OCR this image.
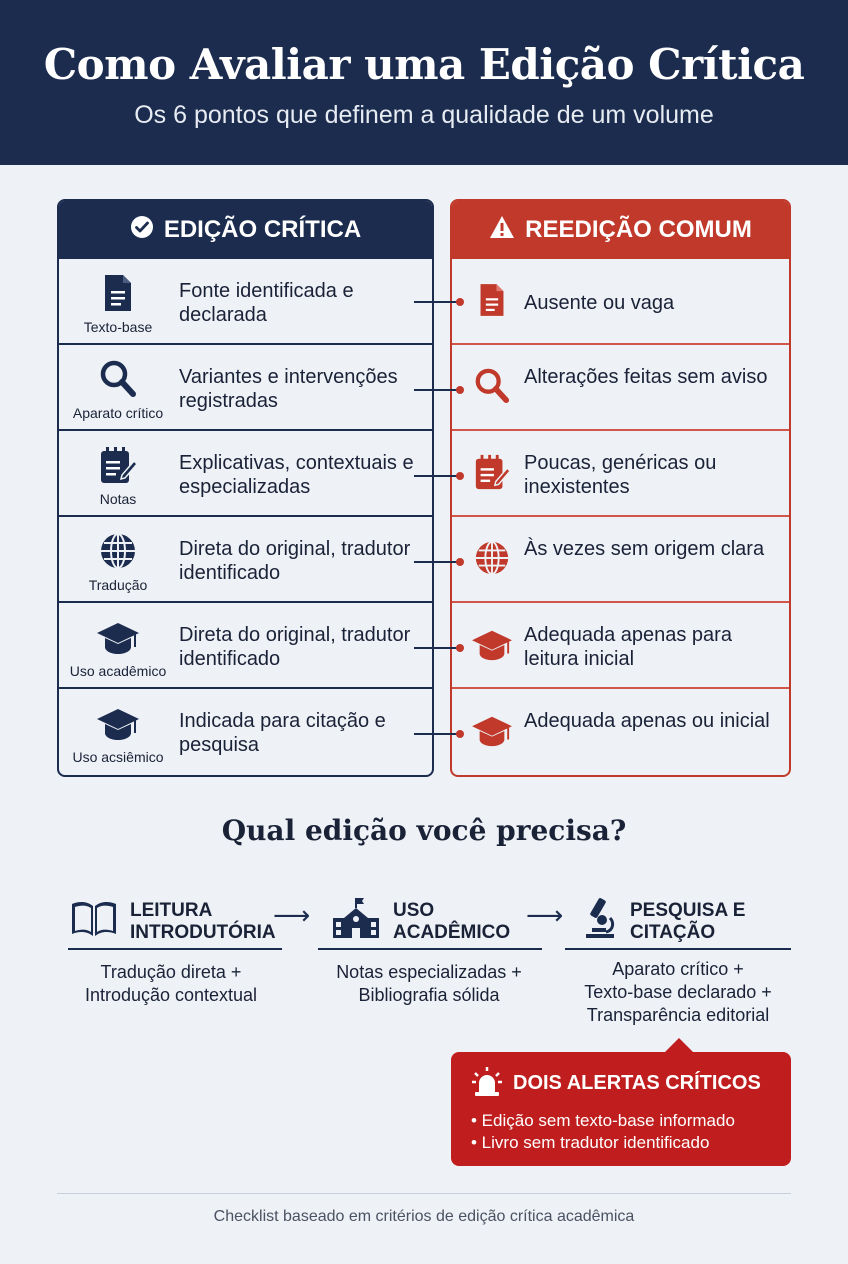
Como Avaliar uma Edição Crítica

Os 6 pontos que definem a qualidade de um volume

EDIÇÃO CRÍTICA
Texto-base
Fonte identificada e declarada
Aparato crítico
Variantes e intervenções registradas
Notas
Explicativas, contextuais e especializadas
Tradução
Direta do original, tradutor identificado
Uso acadêmico
Direta do original, tradutor identificado
Uso acsiêmico
Indicada para citação e pesquisa
REEDIÇÃO COMUM
Ausente ou vaga
Alterações feitas sem aviso
Poucas, genéricas ou inexistentes
Às vezes sem origem clara
Adequada apenas para leitura inicial
Adequada apenas ou inicial
Qual edição você precisa?
LEITURA
INTRODUTÓRIA
Tradução direta +
Introdução contextual
⟶	USO
ACADÊMICO
Notas especializadas +
Bibliografia sólida
⟶	PESQUISA E
CITAÇÃO
Aparato crítico +
Texto-base declarado +
Transparência editorial
DOIS ALERTAS CRÍTICOS
• Edição sem texto-base informado
• Livro sem tradutor identificado
Checklist baseado em critérios de edição crítica acadêmica
